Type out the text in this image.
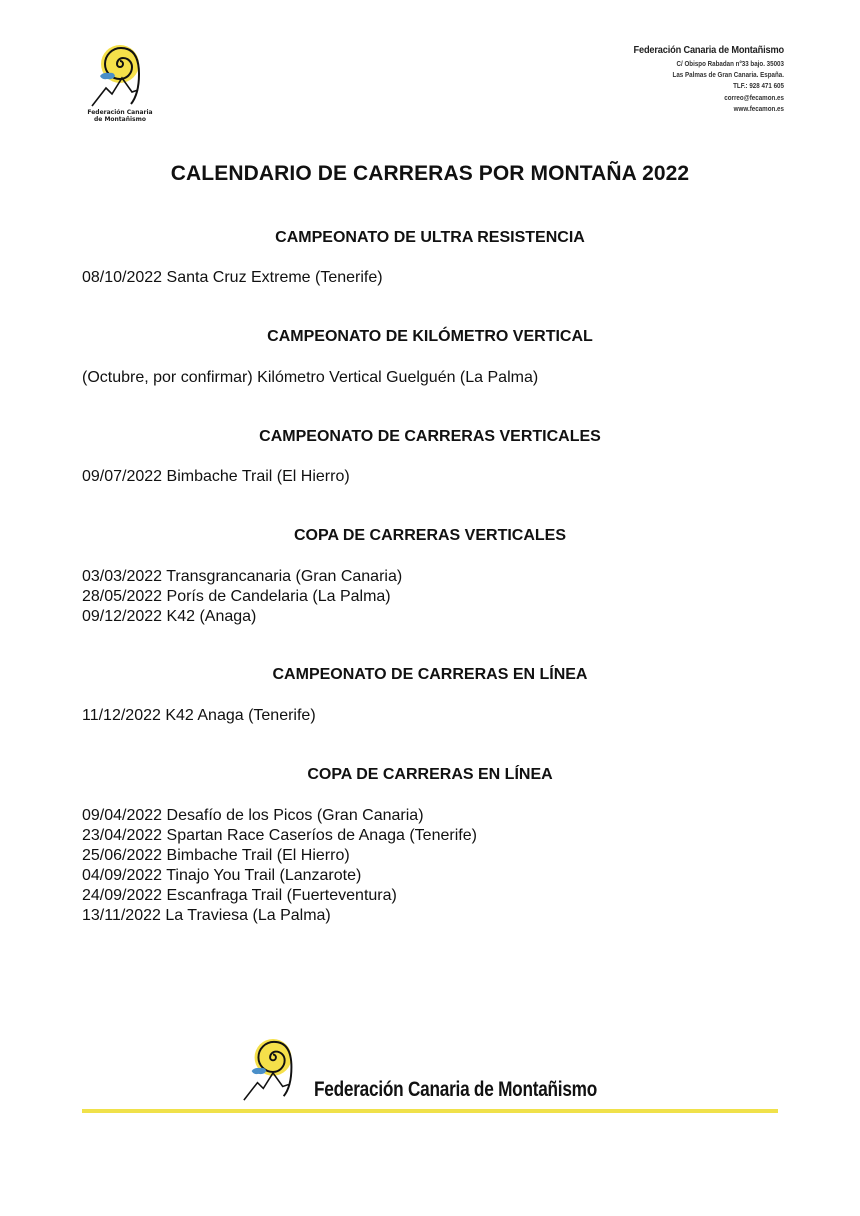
Federación Canaria
de Montañismo
Federación Canaria de Montañismo
C/ Obispo Rabadan nº33 bajo. 35003
Las Palmas de Gran Canaria. España.
TLF.: 928 471 605
correo@fecamon.es
www.fecamon.es
CALENDARIO DE CARRERAS POR MONTAÑA 2022
CAMPEONATO DE ULTRA RESISTENCIA
08/10/2022 Santa Cruz Extreme (Tenerife)
CAMPEONATO DE KILÓMETRO VERTICAL
(Octubre, por confirmar) Kilómetro Vertical Guelguén (La Palma)
CAMPEONATO DE CARRERAS VERTICALES
09/07/2022 Bimbache Trail (El Hierro)
COPA DE CARRERAS VERTICALES
03/03/2022 Transgrancanaria (Gran Canaria)
28/05/2022 Porís de Candelaria (La Palma)
09/12/2022 K42 (Anaga)
CAMPEONATO DE CARRERAS EN LÍNEA
11/12/2022 K42 Anaga (Tenerife)
COPA DE CARRERAS EN LÍNEA
09/04/2022 Desafío de los Picos (Gran Canaria)
23/04/2022 Spartan Race Caseríos de Anaga (Tenerife)
25/06/2022 Bimbache Trail (El Hierro)
04/09/2022 Tinajo You Trail (Lanzarote)
24/09/2022 Escanfraga Trail (Fuerteventura)
13/11/2022 La Traviesa (La Palma)
Federación Canaria de Montañismo
